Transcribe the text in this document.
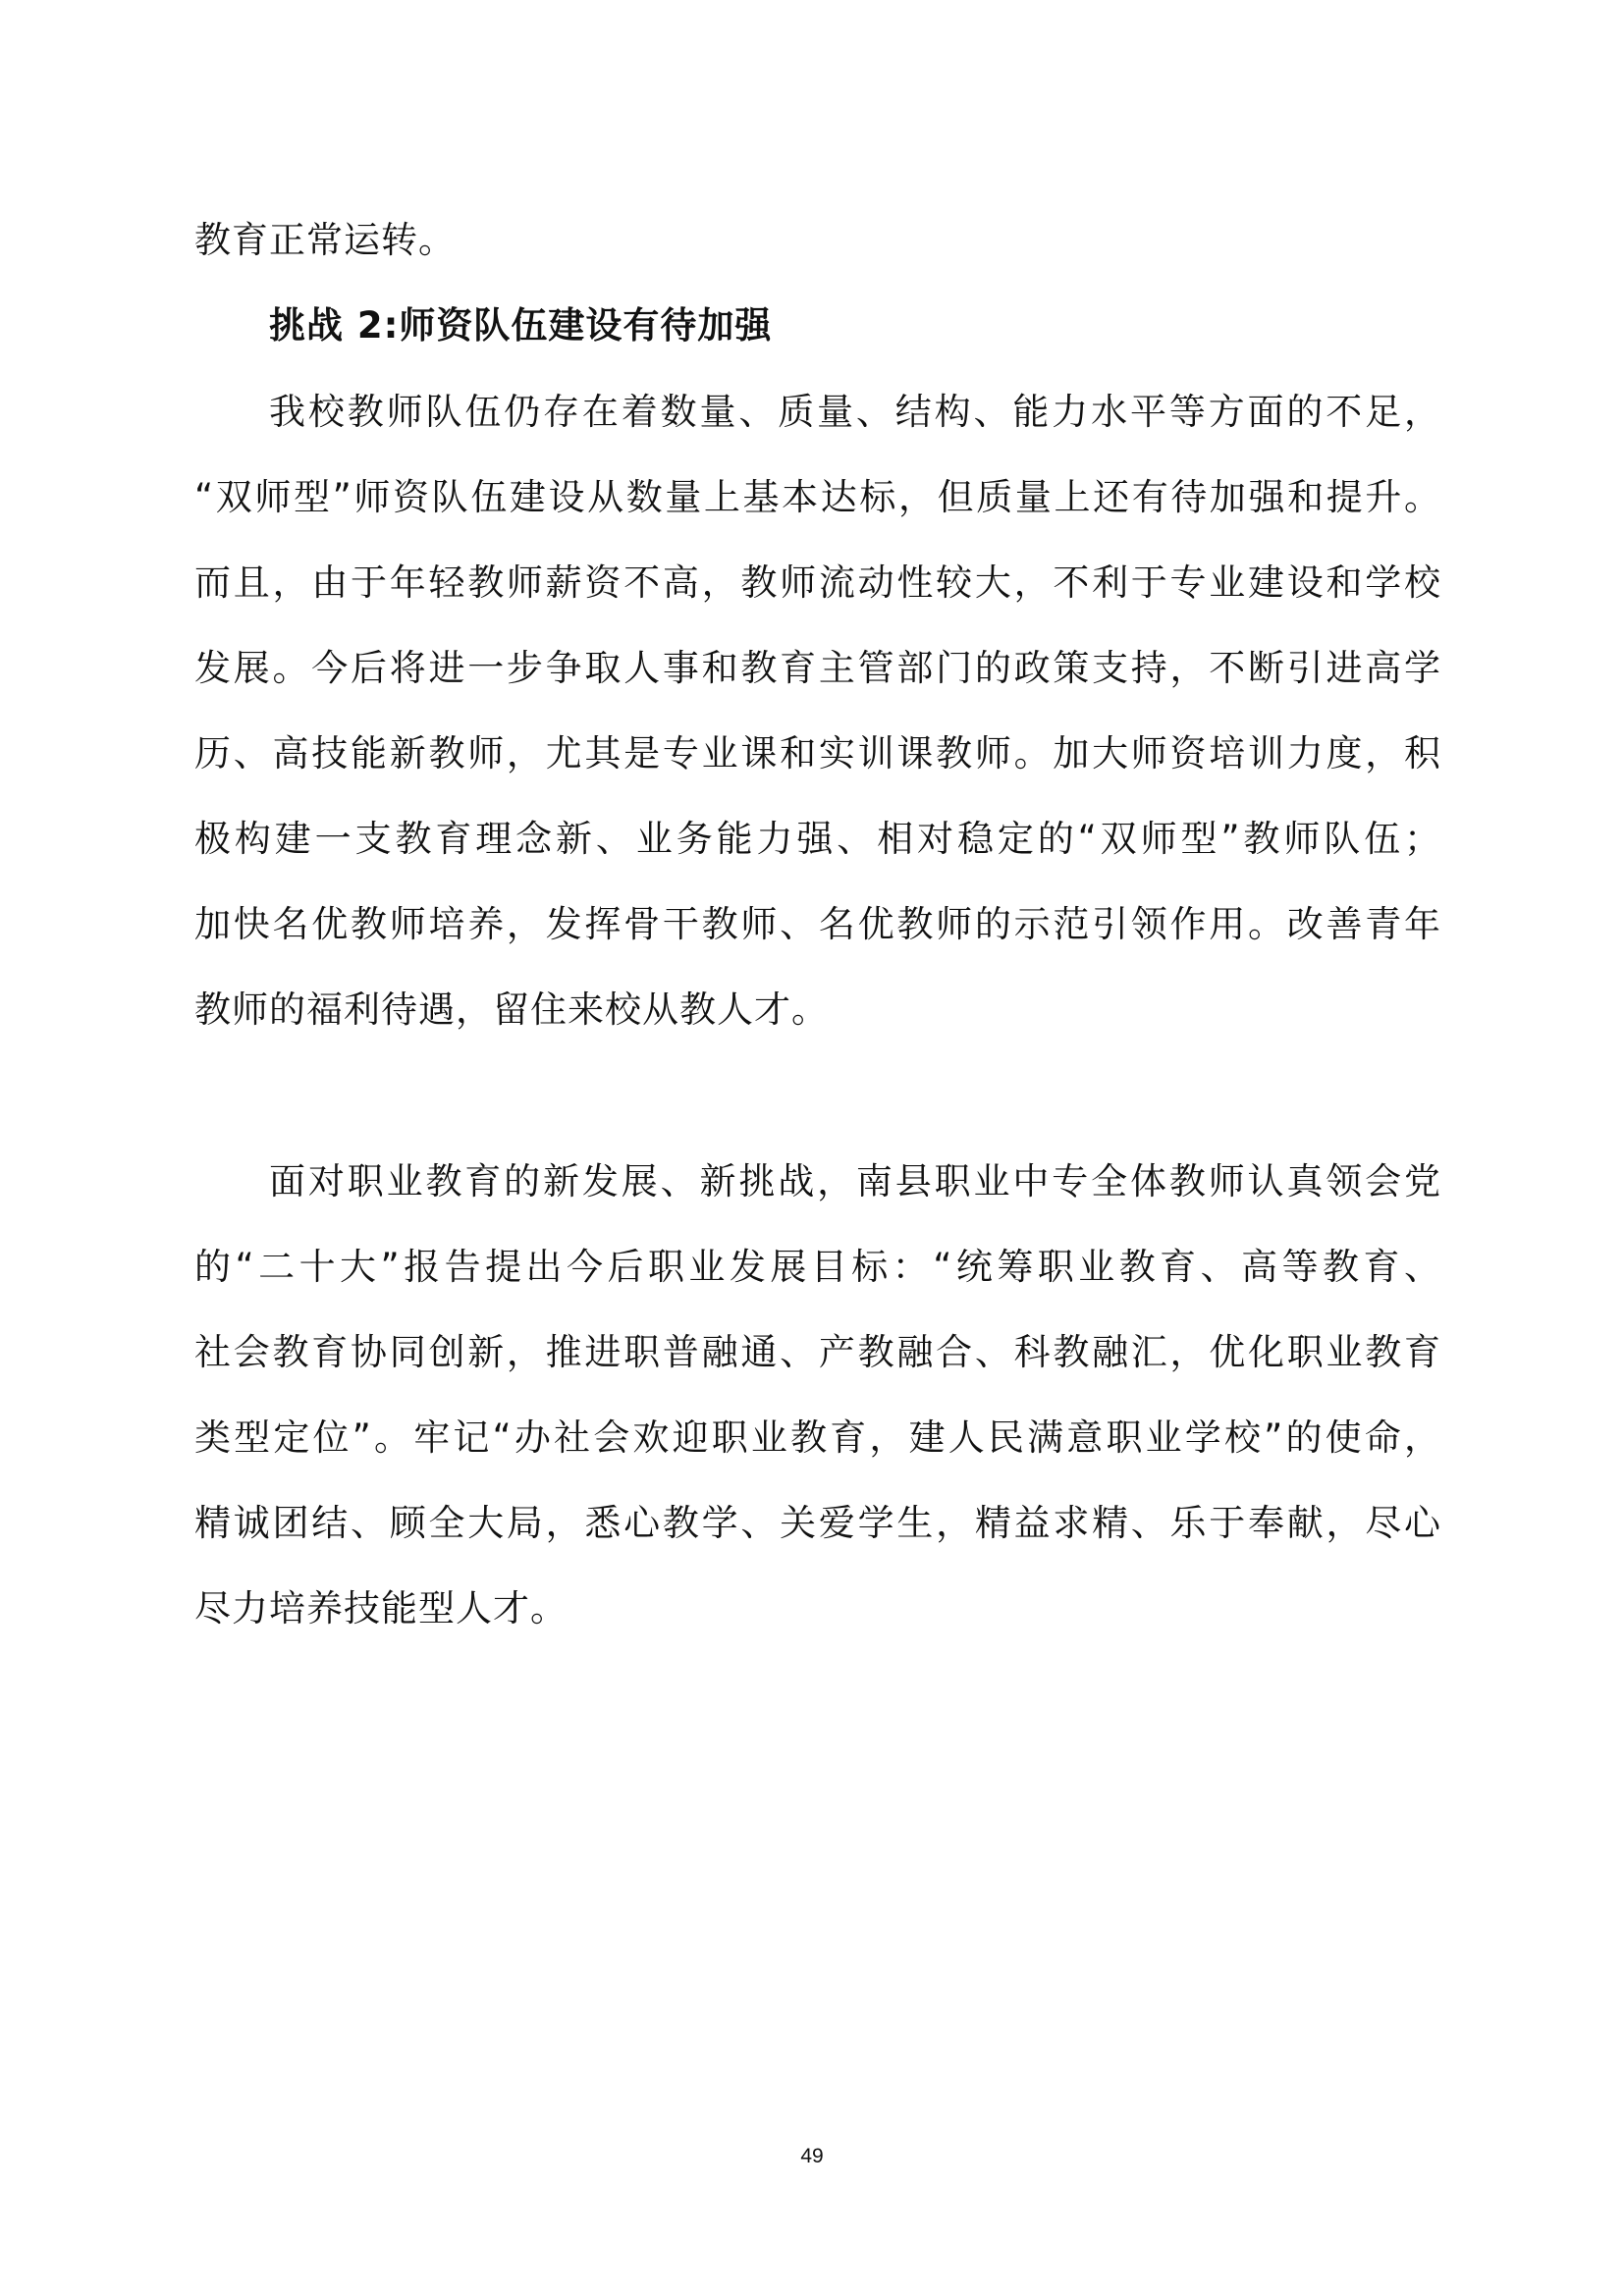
教育正常运转。
挑战 2:师资队伍建设有待加强
我校教师队伍仍存在着数量、质量、结构、能力水平等方面的不足，
“双师型”师资队伍建设从数量上基本达标，但质量上还有待加强和提升。
而且，由于年轻教师薪资不高，教师流动性较大，不利于专业建设和学校
发展。今后将进一步争取人事和教育主管部门的政策支持，不断引进高学
历、高技能新教师，尤其是专业课和实训课教师。加大师资培训力度，积
极构建一支教育理念新、业务能力强、相对稳定的“双师型”教师队伍；
加快名优教师培养，发挥骨干教师、名优教师的示范引领作用。改善青年
教师的福利待遇，留住来校从教人才。
面对职业教育的新发展、新挑战，南县职业中专全体教师认真领会党
的“二十大”报告提出今后职业发展目标：“统筹职业教育、高等教育、
社会教育协同创新，推进职普融通、产教融合、科教融汇，优化职业教育
类型定位”。牢记“办社会欢迎职业教育，建人民满意职业学校”的使命，
精诚团结、顾全大局，悉心教学、关爱学生，精益求精、乐于奉献，尽心
尽力培养技能型人才。
49
